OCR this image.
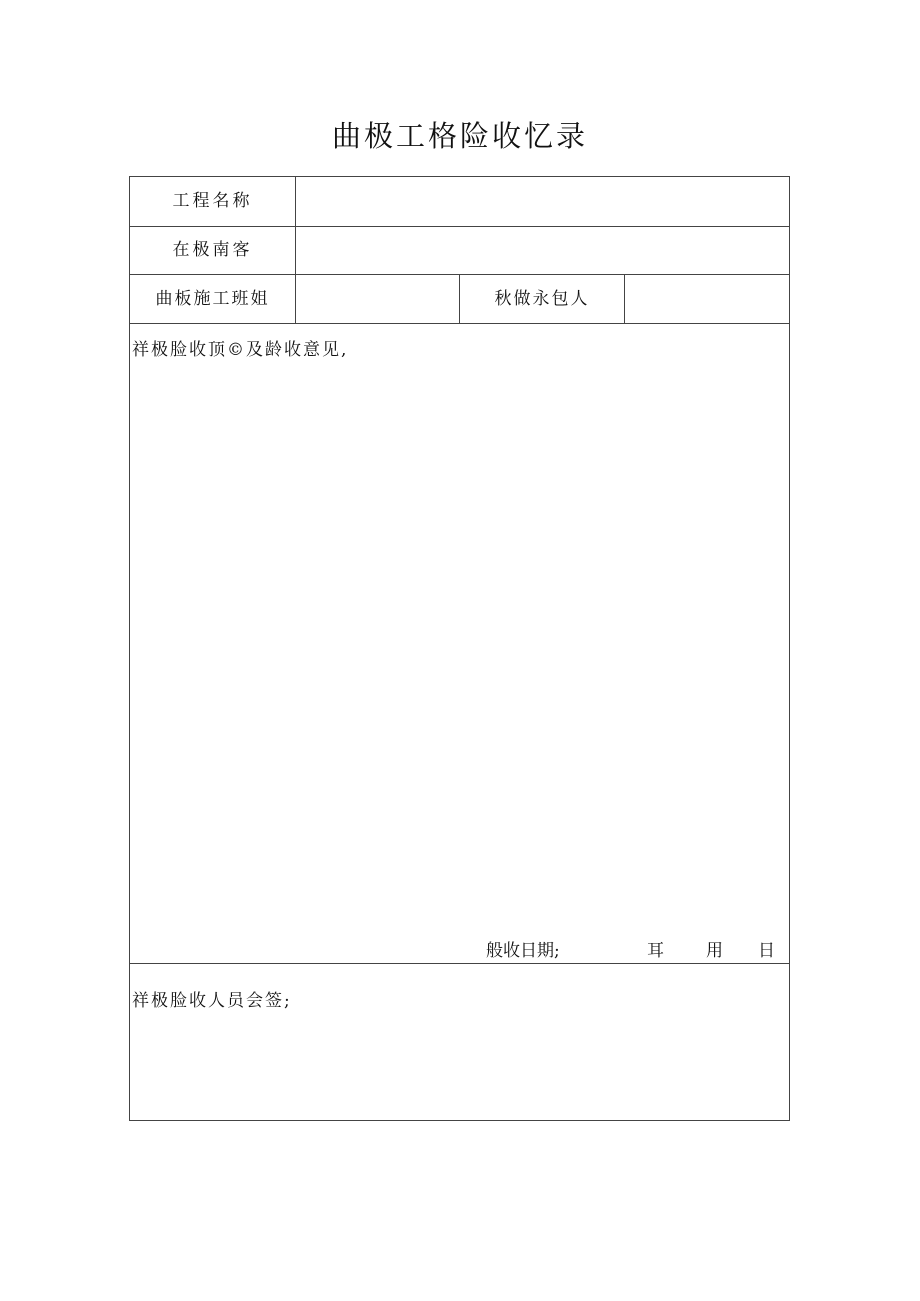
曲极工格险收忆录
工程名称
在极南客
曲板施工班姐	秋做永包人
祥极脸收顶©及龄收意见,
般收日期;	耳 用 日
祥极脸收人员会签;
